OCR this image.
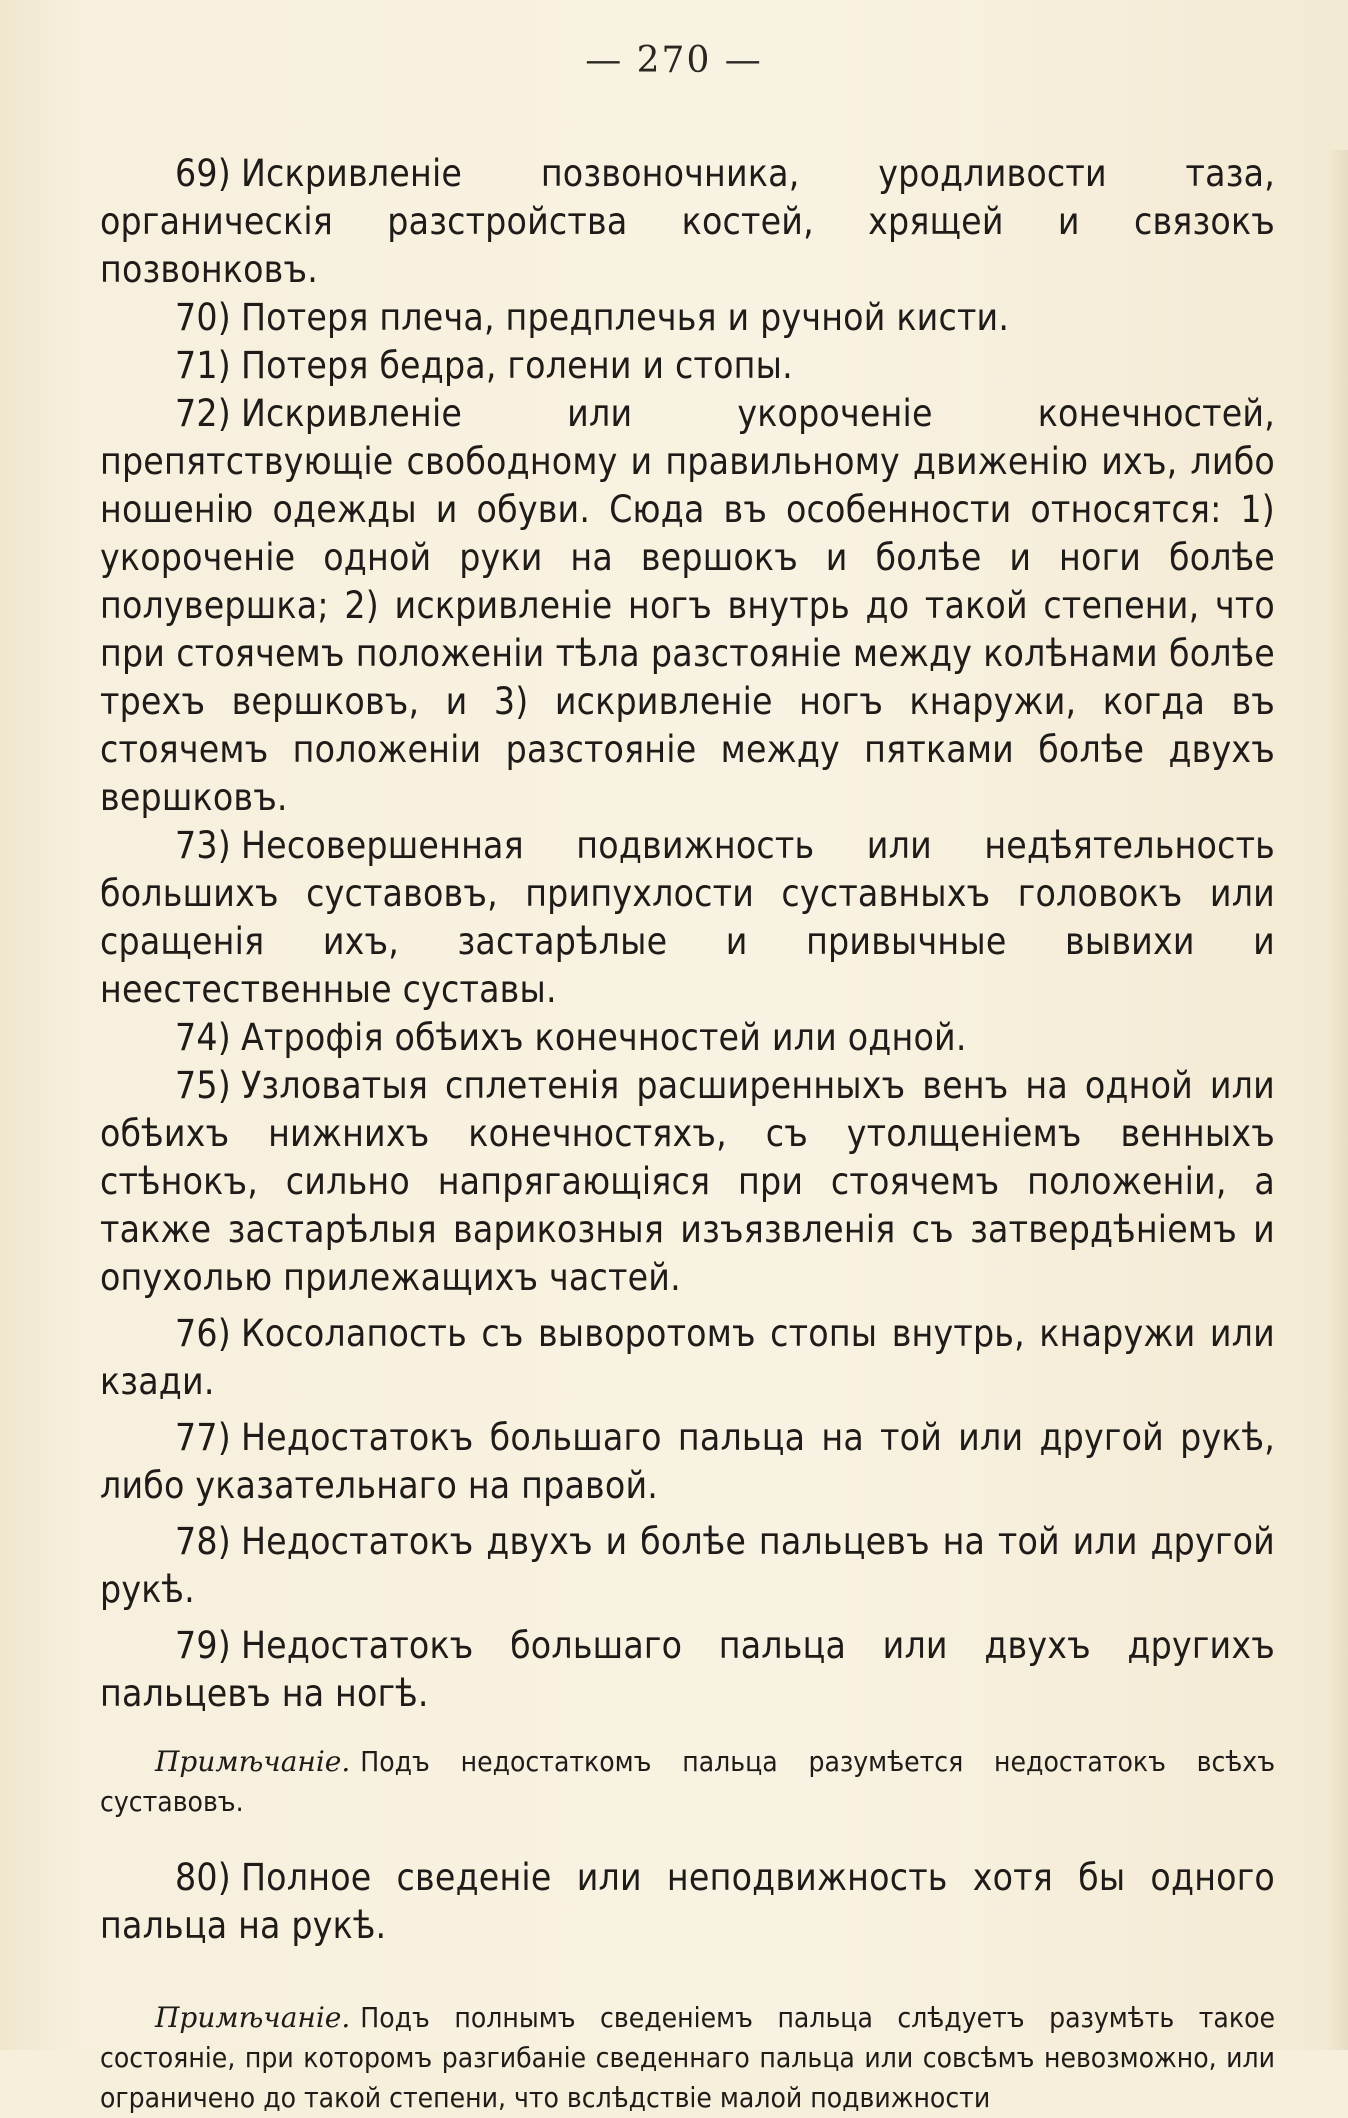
— 270 —

69) Искривленіе позвоночника, уродливости таза, органическія разстройства костей, хрящей и связокъ позвонковъ.

70) Потеря плеча, предплечья и ручной кисти.

71) Потеря бедра, голени и стопы.

72) Искривленіе или укороченіе конечностей, препятствующіе свободному и правильному движенію ихъ, либо ношенію одежды и обуви. Сюда въ особенности относятся: 1) укороченіе одной руки на вершокъ и болѣе и ноги болѣе полувершка; 2) искривленіе ногъ внутрь до такой степени, что при стоячемъ положеніи тѣла разстояніе между колѣнами болѣе трехъ вершковъ, и 3) искривленіе ногъ кнаружи, когда въ стоячемъ положеніи разстояніе между пятками болѣе двухъ вершковъ.

73) Несовершенная подвижность или недѣятельность большихъ суставовъ, припухлости суставныхъ головокъ или сращенія ихъ, застарѣлые и привычные вывихи и неестественные суставы.

74) Атрофія обѣихъ конечностей или одной.

75) Узловатыя сплетенія расширенныхъ венъ на одной или обѣихъ нижнихъ конечностяхъ, съ утолщеніемъ венныхъ стѣнокъ, сильно напрягающіяся при стоячемъ положеніи, а также застарѣлыя варикозныя изъязвленія съ затвердѣніемъ и опухолью прилежащихъ частей.

76) Косолапость съ выворотомъ стопы внутрь, кнаружи или кзади.

77) Недостатокъ большаго пальца на той или другой рукѣ, либо указательнаго на правой.

78) Недостатокъ двухъ и болѣе пальцевъ на той или другой рукѣ.

79) Недостатокъ большаго пальца или двухъ другихъ пальцевъ на ногѣ.

Примѣчаніе. Подъ недостаткомъ пальца разумѣется недостатокъ всѣхъ суставовъ.

80) Полное сведеніе или неподвижность хотя бы одного пальца на рукѣ.

Примѣчаніе. Подъ полнымъ сведеніемъ пальца слѣдуетъ разумѣть такое состояніе, при которомъ разгибаніе сведеннаго пальца или совсѣмъ невозможно, или ограничено до такой степени, что вслѣдствіе малой подвижности
